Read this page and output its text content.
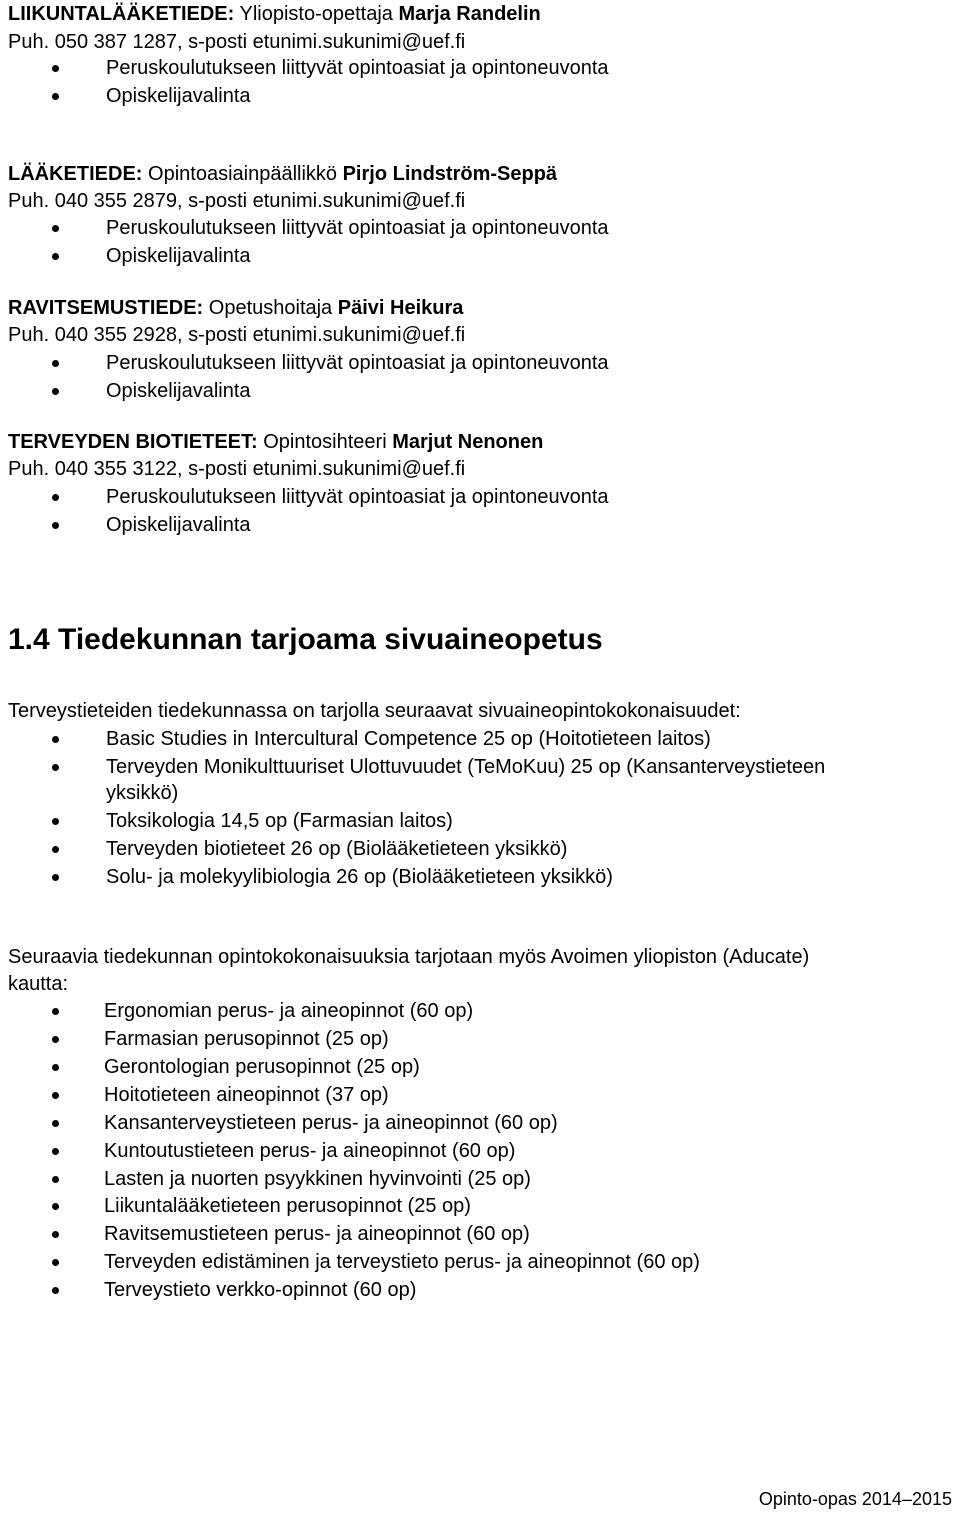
LIIKUNTALÄÄKETIEDE: Yliopisto-opettaja Marja Randelin
Puh. 050 387 1287, s-posti etunimi.sukunimi@uef.fi
Peruskoulutukseen liittyvät opintoasiat ja opintoneuvonta
Opiskelijavalinta
LÄÄKETIEDE: Opintoasiainpäällikkö Pirjo Lindström-Seppä
Puh. 040 355 2879, s-posti etunimi.sukunimi@uef.fi
Peruskoulutukseen liittyvät opintoasiat ja opintoneuvonta
Opiskelijavalinta
RAVITSEMUSTIEDE: Opetushoitaja Päivi Heikura
Puh. 040 355 2928, s-posti etunimi.sukunimi@uef.fi
Peruskoulutukseen liittyvät opintoasiat ja opintoneuvonta
Opiskelijavalinta
TERVEYDEN BIOTIETEET: Opintosihteeri Marjut Nenonen
Puh. 040 355 3122, s-posti etunimi.sukunimi@uef.fi
Peruskoulutukseen liittyvät opintoasiat ja opintoneuvonta
Opiskelijavalinta
1.4 Tiedekunnan tarjoama sivuaineopetus
Terveystieteiden tiedekunnassa on tarjolla seuraavat sivuaineopintokokonaisuudet:
Basic Studies in Intercultural Competence 25 op (Hoitotieteen laitos)
Terveyden Monikulttuuriset Ulottuvuudet (TeMoKuu) 25 op (Kansanterveystieteen
yksikkö)
Toksikologia 14,5 op (Farmasian laitos)
Terveyden biotieteet 26 op (Biolääketieteen yksikkö)
Solu- ja molekyylibiologia 26 op (Biolääketieteen yksikkö)
Seuraavia tiedekunnan opintokokonaisuuksia tarjotaan myös Avoimen yliopiston (Aducate)
kautta:
Ergonomian perus- ja aineopinnot (60 op)
Farmasian perusopinnot (25 op)
Gerontologian perusopinnot (25 op)
Hoitotieteen aineopinnot (37 op)
Kansanterveystieteen perus- ja aineopinnot (60 op)
Kuntoutustieteen perus- ja aineopinnot (60 op)
Lasten ja nuorten psyykkinen hyvinvointi (25 op)
Liikuntalääketieteen perusopinnot (25 op)
Ravitsemustieteen perus- ja aineopinnot (60 op)
Terveyden edistäminen ja terveystieto perus- ja aineopinnot (60 op)
Terveystieto verkko-opinnot (60 op)
Opinto-opas 2014–2015
